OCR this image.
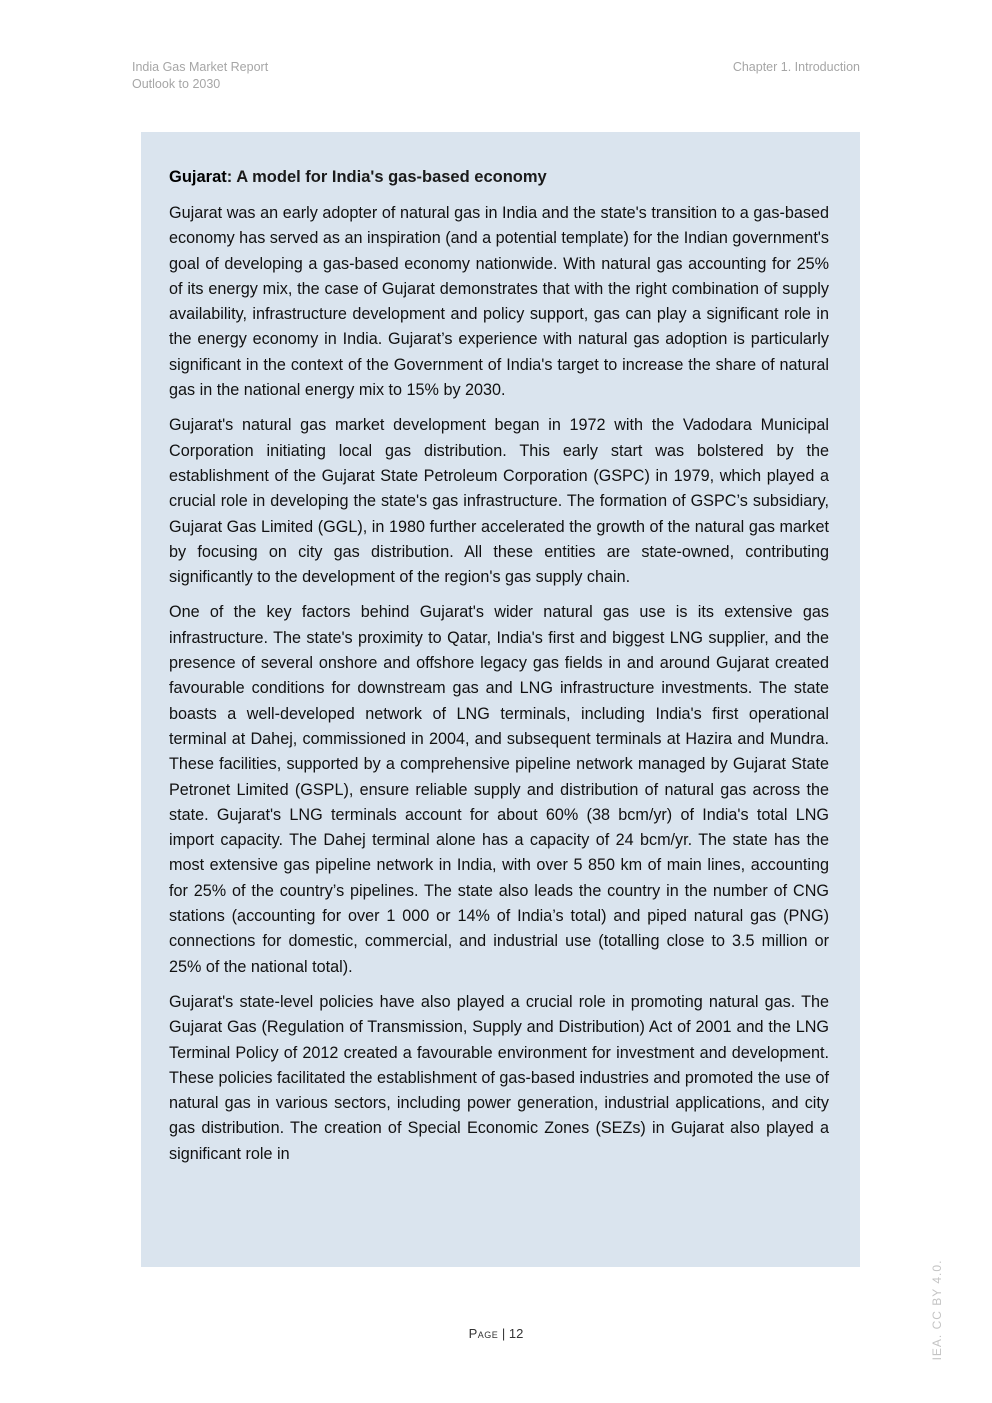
India Gas Market Report
Outlook to 2030
Chapter 1. Introduction
Gujarat: A model for India's gas-based economy

Gujarat was an early adopter of natural gas in India and the state's transition to a gas-based economy has served as an inspiration (and a potential template) for the Indian government's goal of developing a gas-based economy nationwide. With natural gas accounting for 25% of its energy mix, the case of Gujarat demonstrates that with the right combination of supply availability, infrastructure development and policy support, gas can play a significant role in the energy economy in India. Gujarat’s experience with natural gas adoption is particularly significant in the context of the Government of India's target to increase the share of natural gas in the national energy mix to 15% by 2030.

Gujarat's natural gas market development began in 1972 with the Vadodara Municipal Corporation initiating local gas distribution. This early start was bolstered by the establishment of the Gujarat State Petroleum Corporation (GSPC) in 1979, which played a crucial role in developing the state's gas infrastructure. The formation of GSPC’s subsidiary, Gujarat Gas Limited (GGL), in 1980 further accelerated the growth of the natural gas market by focusing on city gas distribution. All these entities are state-owned, contributing significantly to the development of the region's gas supply chain.

One of the key factors behind Gujarat's wider natural gas use is its extensive gas infrastructure. The state's proximity to Qatar, India's first and biggest LNG supplier, and the presence of several onshore and offshore legacy gas fields in and around Gujarat created favourable conditions for downstream gas and LNG infrastructure investments. The state boasts a well-developed network of LNG terminals, including India's first operational terminal at Dahej, commissioned in 2004, and subsequent terminals at Hazira and Mundra. These facilities, supported by a comprehensive pipeline network managed by Gujarat State Petronet Limited (GSPL), ensure reliable supply and distribution of natural gas across the state. Gujarat's LNG terminals account for about 60% (38 bcm/yr) of India's total LNG import capacity. The Dahej terminal alone has a capacity of 24 bcm/yr. The state has the most extensive gas pipeline network in India, with over 5 850 km of main lines, accounting for 25% of the country’s pipelines. The state also leads the country in the number of CNG stations (accounting for over 1 000 or 14% of India’s total) and piped natural gas (PNG) connections for domestic, commercial, and industrial use (totalling close to 3.5 million or 25% of the national total).

Gujarat's state-level policies have also played a crucial role in promoting natural gas. The Gujarat Gas (Regulation of Transmission, Supply and Distribution) Act of 2001 and the LNG Terminal Policy of 2012 created a favourable environment for investment and development. These policies facilitated the establishment of gas-based industries and promoted the use of natural gas in various sectors, including power generation, industrial applications, and city gas distribution. The creation of Special Economic Zones (SEZs) in Gujarat also played a significant role in

Page | 12	IEA. CC BY 4.0.
